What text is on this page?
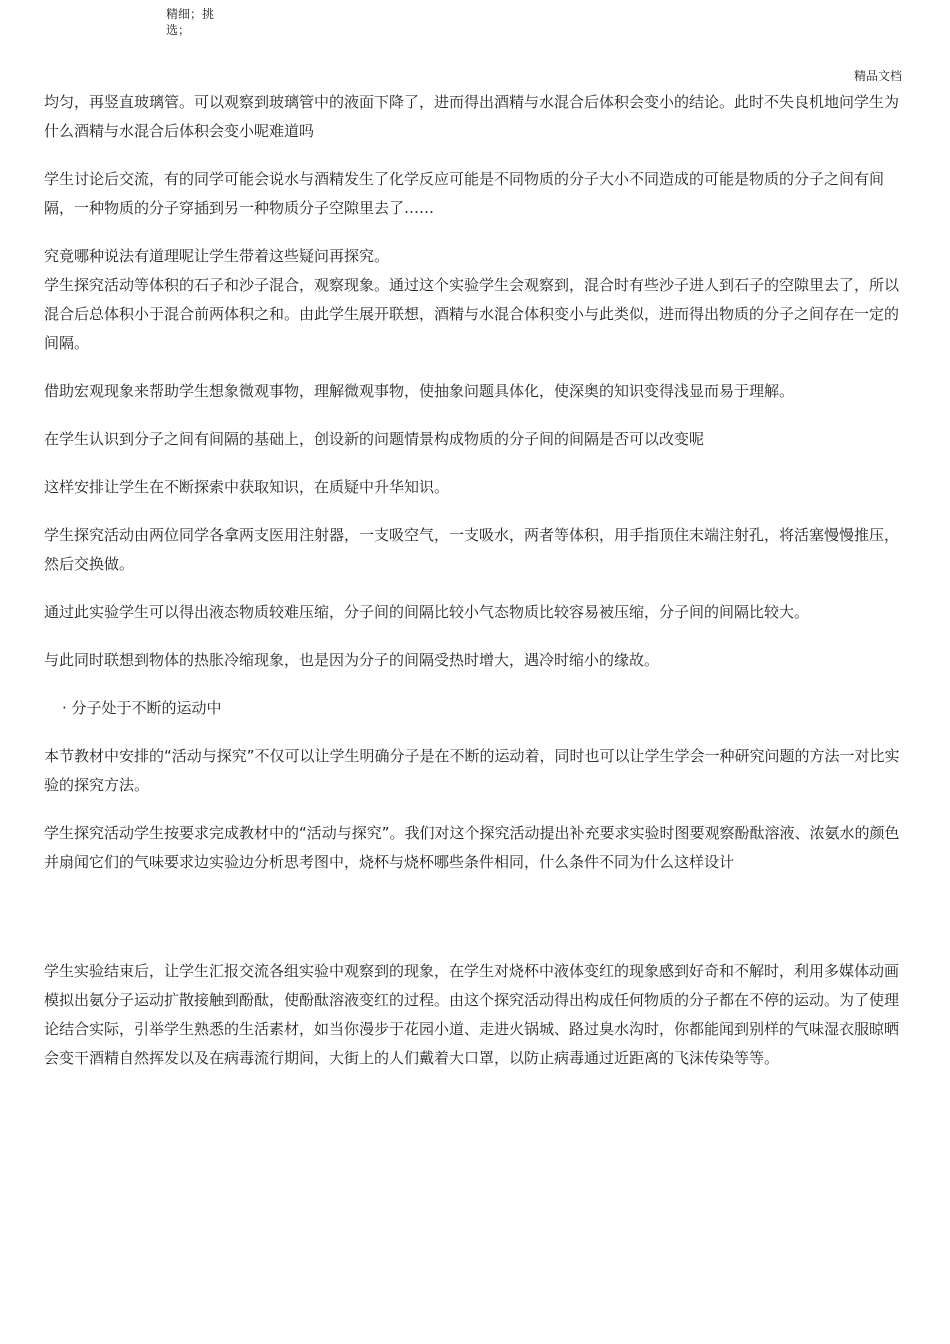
精细；挑选；
精品文档

均匀，再竖直玻璃管。可以观察到玻璃管中的液面下降了，进而得出酒精与水混合后体积会变小的结论。此时不失良机地问学生为什么酒精与水混合后体积会变小呢难道吗

学生讨论后交流，有的同学可能会说水与酒精发生了化学反应可能是不同物质的分子大小不同造成的可能是物质的分子之间有间隔，一种物质的分子穿插到另一种物质分子空隙里去了……

究竟哪种说法有道理呢让学生带着这些疑问再探究。

学生探究活动等体积的石子和沙子混合，观察现象。通过这个实验学生会观察到，混合时有些沙子进人到石子的空隙里去了，所以混合后总体积小于混合前两体积之和。由此学生展开联想，酒精与水混合体积变小与此类似，进而得出物质的分子之间存在一定的间隔。

借助宏观现象来帮助学生想象微观事物，理解微观事物，使抽象问题具体化，使深奥的知识变得浅显而易于理解。

在学生认识到分子之间有间隔的基础上，创设新的问题情景构成物质的分子间的间隔是否可以改变呢

这样安排让学生在不断探索中获取知识，在质疑中升华知识。

学生探究活动由两位同学各拿两支医用注射器，一支吸空气，一支吸水，两者等体积，用手指顶住末端注射孔，将活塞慢慢推压，然后交换做。

通过此实验学生可以得出液态物质较难压缩，分子间的间隔比较小气态物质比较容易被压缩，分子间的间隔比较大。

与此同时联想到物体的热胀冷缩现象，也是因为分子的间隔受热时增大，遇冷时缩小的缘故。

· 分子处于不断的运动中

本节教材中安排的“活动与探究”不仅可以让学生明确分子是在不断的运动着，同时也可以让学生学会一种研究问题的方法一对比实验的探究方法。

学生探究活动学生按要求完成教材中的“活动与探究”。我们对这个探究活动提出补充要求实验时图要观察酚酞溶液、浓氨水的颜色并扇闻它们的气味要求边实验边分析思考图中，烧杯与烧杯哪些条件相同，什么条件不同为什么这样设计

学生实验结束后，让学生汇报交流各组实验中观察到的现象，在学生对烧杯中液体变红的现象感到好奇和不解时，利用多媒体动画模拟出氨分子运动扩散接触到酚酞，使酚酞溶液变红的过程。由这个探究活动得出构成任何物质的分子都在不停的运动。为了使理论结合实际，引举学生熟悉的生活素材，如当你漫步于花园小道、走进火锅城、路过臭水沟时，你都能闻到别样的气味湿衣服晾晒会变干酒精自然挥发以及在病毒流行期间，大街上的人们戴着大口罩，以防止病毒通过近距离的飞沫传染等等。
